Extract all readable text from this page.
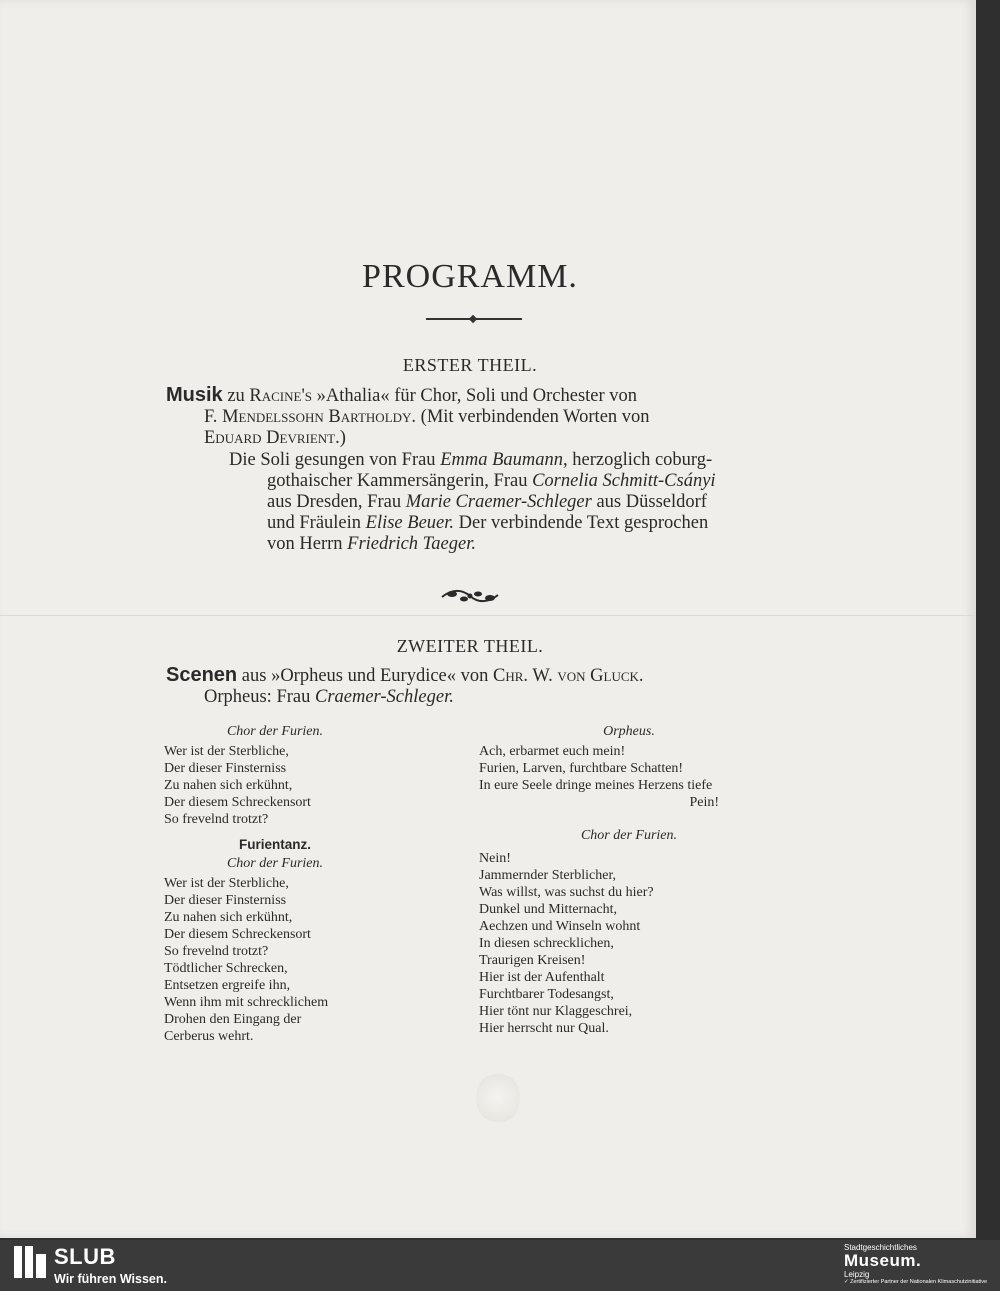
PROGRAMM.
ERSTER THEIL.
Musik zu Racine's »Athalia« für Chor, Soli und Orchester von
F. Mendelssohn Bartholdy. (Mit verbindenden Worten von
Eduard Devrient.)
Die Soli gesungen von Frau Emma Baumann, herzoglich coburg-
gothaischer Kammersängerin, Frau Cornelia Schmitt-Csányi
aus Dresden, Frau Marie Craemer-Schleger aus Düsseldorf
und Fräulein Elise Beuer. Der verbindende Text gesprochen
von Herrn Friedrich Taeger.
ZWEITER THEIL.
Scenen aus »Orpheus und Eurydice« von Chr. W. von Gluck.
Orpheus: Frau Craemer-Schleger.
Chor der Furien.
Wer ist der Sterbliche,
Der dieser Finsterniss
Zu nahen sich erkühnt,
Der diesem Schreckensort
So frevelnd trotzt?
Furientanz.
Chor der Furien.
Wer ist der Sterbliche,
Der dieser Finsterniss
Zu nahen sich erkühnt,
Der diesem Schreckensort
So frevelnd trotzt?
Tödtlicher Schrecken,
Entsetzen ergreife ihn,
Wenn ihm mit schrecklichem
Drohen den Eingang der
Cerberus wehrt.
Orpheus.
Ach, erbarmet euch mein!
Furien, Larven, furchtbare Schatten!
In eure Seele dringe meines Herzens tiefe
Pein!
Chor der Furien.
Nein!
Jammernder Sterblicher,
Was willst, was suchst du hier?
Dunkel und Mitternacht,
Aechzen und Winseln wohnt
In diesen schrecklichen,
Traurigen Kreisen!
Hier ist der Aufenthalt
Furchtbarer Todesangst,
Hier tönt nur Klaggeschrei,
Hier herrscht nur Qual.
SLUB
Wir führen Wissen.
Stadtgeschichtliches
Museum.
Leipzig
✓ Zertifizierter Partner der Nationalen Klimaschutzinitiative
